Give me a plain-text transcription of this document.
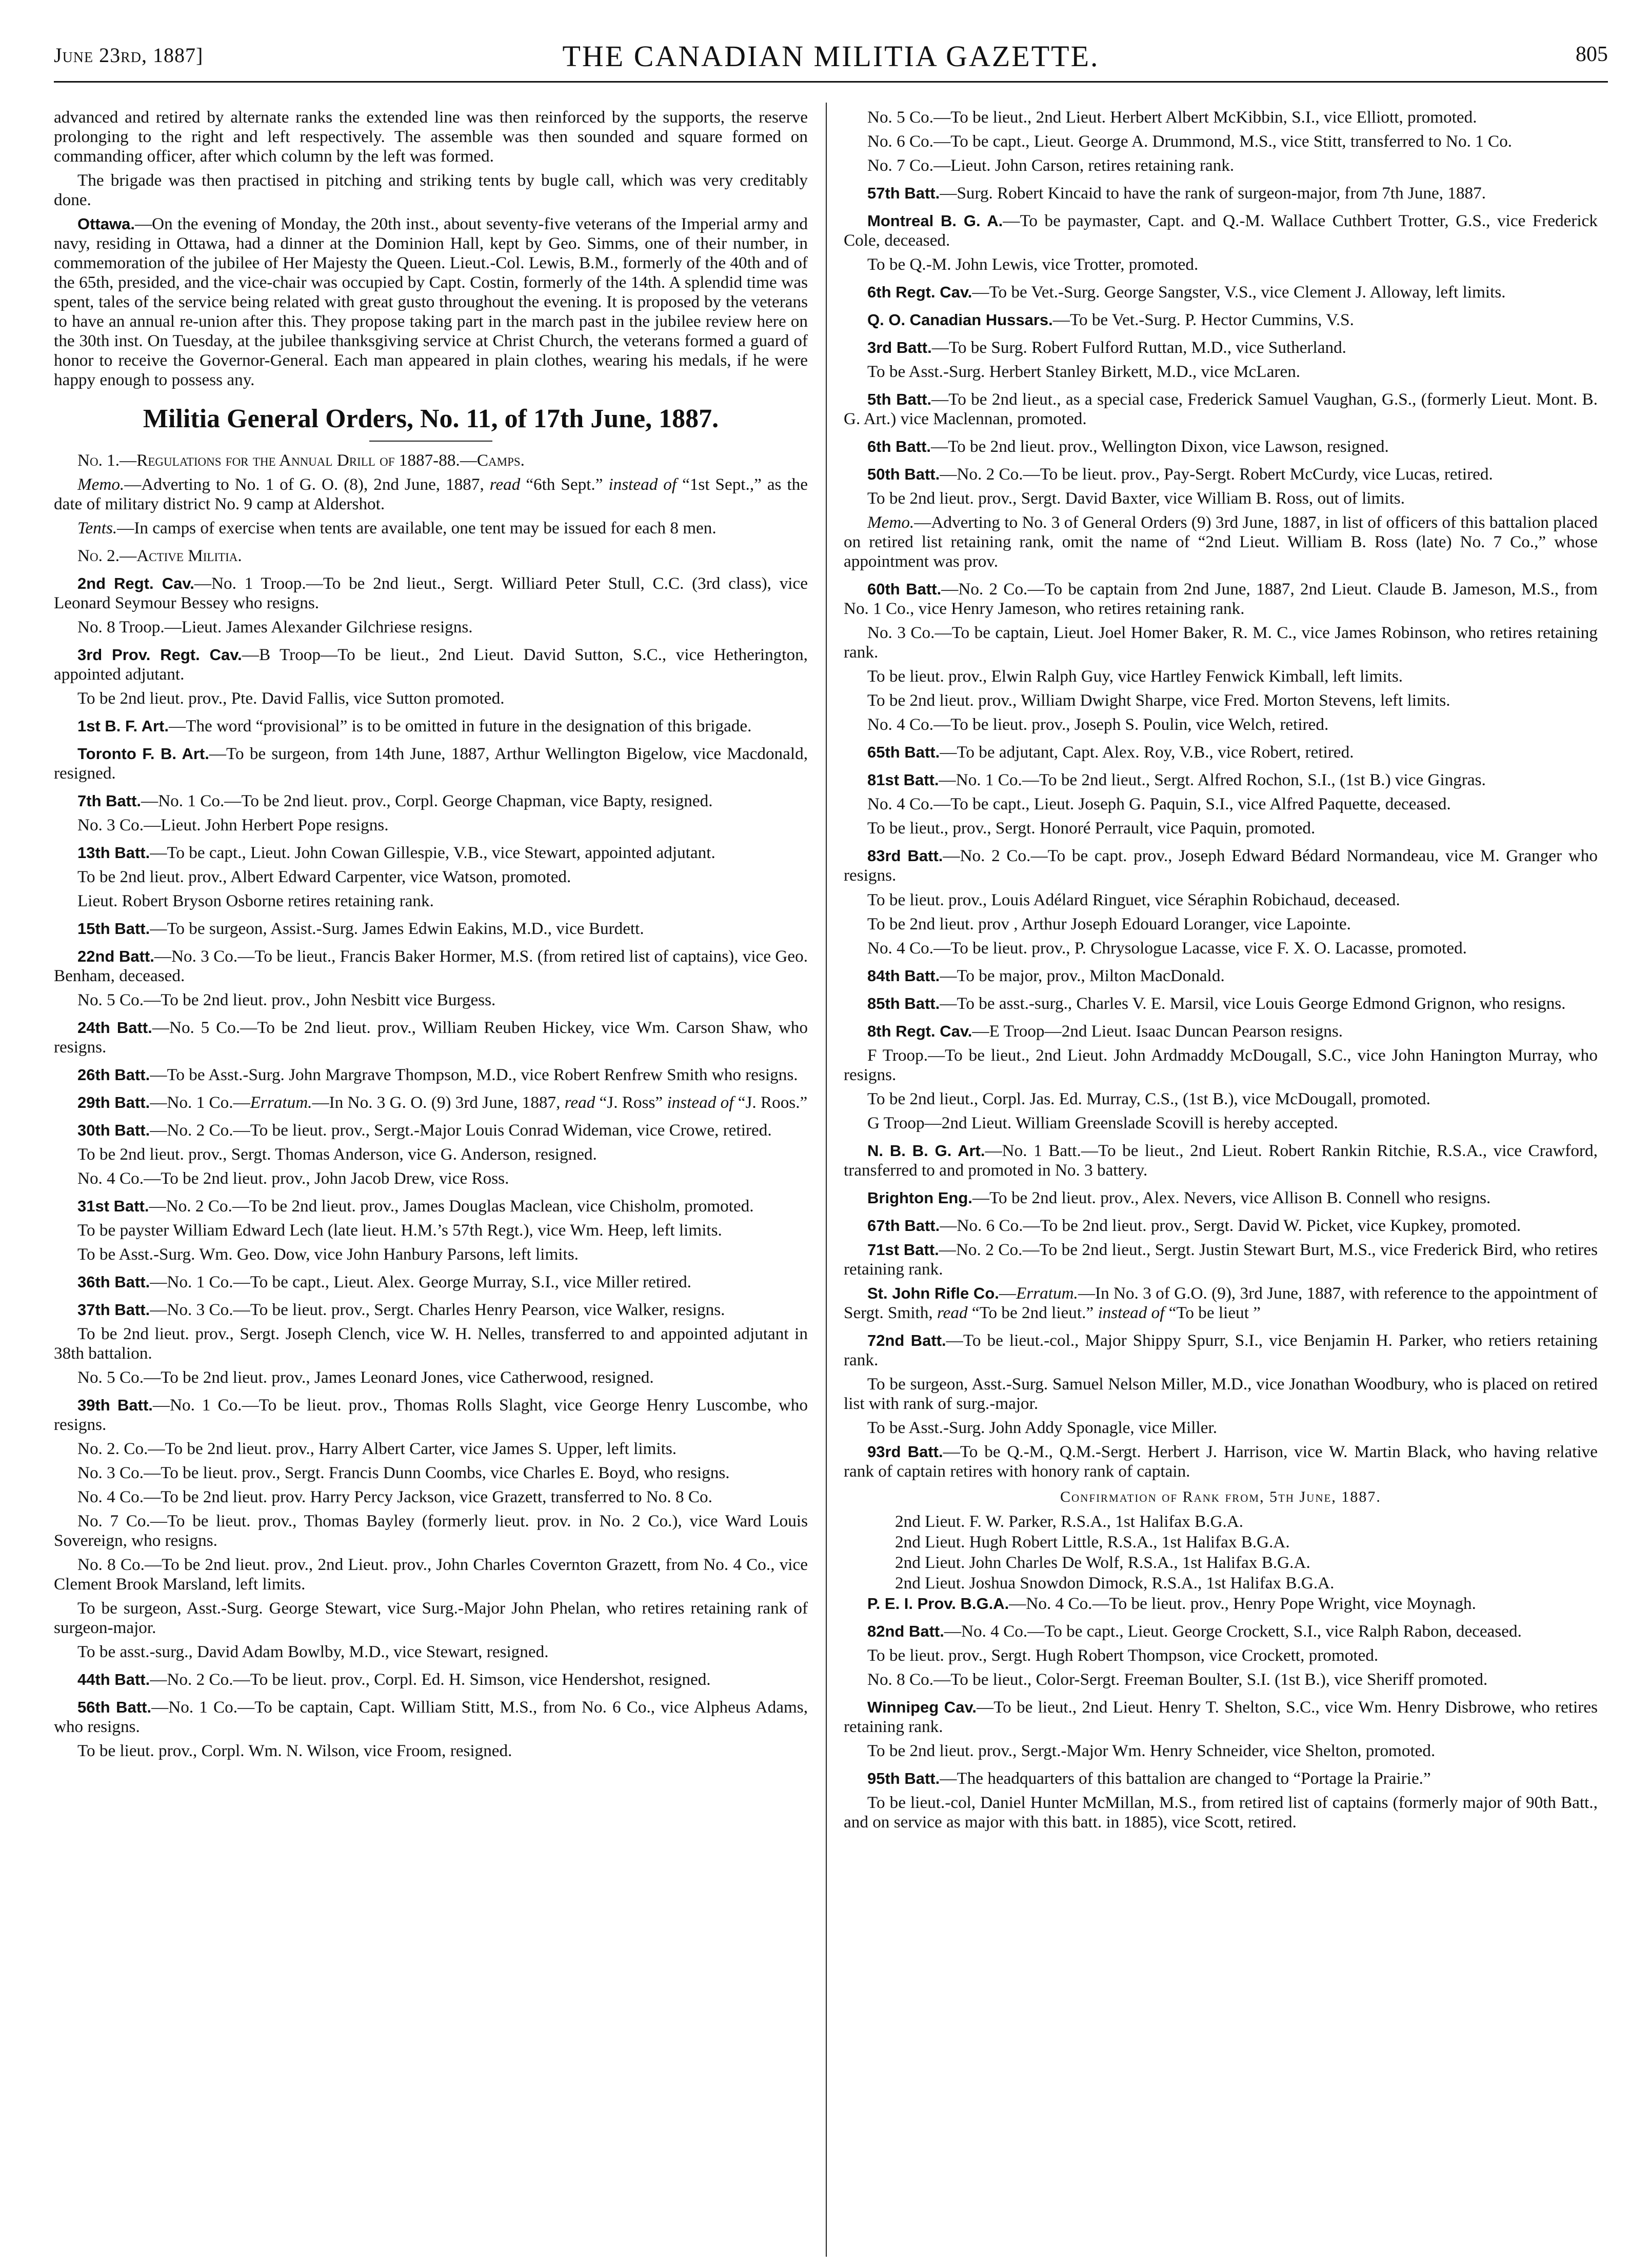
June 23rd, 1887]	THE CANADIAN MILITIA GAZETTE.	805

advanced and retired by alternate ranks the extended line was then reinforced by the supports, the reserve prolonging to the right and left respectively. The assemble was then sounded and square formed on commanding officer, after which column by the left was formed.

The brigade was then practised in pitching and striking tents by bugle call, which was very creditably done.

Ottawa.—On the evening of Monday, the 20th inst., about seventy-five veterans of the Imperial army and navy, residing in Ottawa, had a dinner at the Dominion Hall, kept by Geo. Simms, one of their number, in commemoration of the jubilee of Her Majesty the Queen. Lieut.-Col. Lewis, B.M., formerly of the 40th and of the 65th, presided, and the vice-chair was occupied by Capt. Costin, formerly of the 14th. A splendid time was spent, tales of the service being related with great gusto throughout the evening. It is proposed by the veterans to have an annual re-union after this. They propose taking part in the march past in the jubilee review here on the 30th inst. On Tuesday, at the jubilee thanksgiving service at Christ Church, the veterans formed a guard of honor to receive the Governor-General. Each man appeared in plain clothes, wearing his medals, if he were happy enough to possess any.

Militia General Orders, No. 11, of 17th June, 1887.

No. 1.—Regulations for the Annual Drill of 1887-88.—Camps.

Memo.—Adverting to No. 1 of G. O. (8), 2nd June, 1887, read “6th Sept.” instead of “1st Sept.,” as the date of military district No. 9 camp at Aldershot.

Tents.—In camps of exercise when tents are available, one tent may be issued for each 8 men.

No. 2.—Active Militia.

2nd Regt. Cav.—No. 1 Troop.—To be 2nd lieut., Sergt. Williard Peter Stull, C.C. (3rd class), vice Leonard Seymour Bessey who resigns.

No. 8 Troop.—Lieut. James Alexander Gilchriese resigns.

3rd Prov. Regt. Cav.—B Troop—To be lieut., 2nd Lieut. David Sutton, S.C., vice Hetherington, appointed adjutant.

To be 2nd lieut. prov., Pte. David Fallis, vice Sutton promoted.

1st B. F. Art.—The word “provisional” is to be omitted in future in the designation of this brigade.

Toronto F. B. Art.—To be surgeon, from 14th June, 1887, Arthur Wellington Bigelow, vice Macdonald, resigned.

7th Batt.—No. 1 Co.—To be 2nd lieut. prov., Corpl. George Chapman, vice Bapty, resigned.

No. 3 Co.—Lieut. John Herbert Pope resigns.

13th Batt.—To be capt., Lieut. John Cowan Gillespie, V.B., vice Stewart, appointed adjutant.

To be 2nd lieut. prov., Albert Edward Carpenter, vice Watson, promoted.

Lieut. Robert Bryson Osborne retires retaining rank.

15th Batt.—To be surgeon, Assist.-Surg. James Edwin Eakins, M.D., vice Burdett.

22nd Batt.—No. 3 Co.—To be lieut., Francis Baker Hormer, M.S. (from retired list of captains), vice Geo. Benham, deceased.

No. 5 Co.—To be 2nd lieut. prov., John Nesbitt vice Burgess.

24th Batt.—No. 5 Co.—To be 2nd lieut. prov., William Reuben Hickey, vice Wm. Carson Shaw, who resigns.

26th Batt.—To be Asst.-Surg. John Margrave Thompson, M.D., vice Robert Renfrew Smith who resigns.

29th Batt.—No. 1 Co.—Erratum.—In No. 3 G. O. (9) 3rd June, 1887, read “J. Ross” instead of “J. Roos.”

30th Batt.—No. 2 Co.—To be lieut. prov., Sergt.-Major Louis Conrad Wideman, vice Crowe, retired.

To be 2nd lieut. prov., Sergt. Thomas Anderson, vice G. Anderson, resigned.

No. 4 Co.—To be 2nd lieut. prov., John Jacob Drew, vice Ross.

31st Batt.—No. 2 Co.—To be 2nd lieut. prov., James Douglas Maclean, vice Chisholm, promoted.

To be payster William Edward Lech (late lieut. H.M.’s 57th Regt.), vice Wm. Heep, left limits.

To be Asst.-Surg. Wm. Geo. Dow, vice John Hanbury Parsons, left limits.

36th Batt.—No. 1 Co.—To be capt., Lieut. Alex. George Murray, S.I., vice Miller retired.

37th Batt.—No. 3 Co.—To be lieut. prov., Sergt. Charles Henry Pearson, vice Walker, resigns.

To be 2nd lieut. prov., Sergt. Joseph Clench, vice W. H. Nelles, transferred to and appointed adjutant in 38th battalion.

No. 5 Co.—To be 2nd lieut. prov., James Leonard Jones, vice Catherwood, resigned.

39th Batt.—No. 1 Co.—To be lieut. prov., Thomas Rolls Slaght, vice George Henry Luscombe, who resigns.

No. 2. Co.—To be 2nd lieut. prov., Harry Albert Carter, vice James S. Upper, left limits.

No. 3 Co.—To be lieut. prov., Sergt. Francis Dunn Coombs, vice Charles E. Boyd, who resigns.

No. 4 Co.—To be 2nd lieut. prov. Harry Percy Jackson, vice Grazett, transferred to No. 8 Co.

No. 7 Co.—To be lieut. prov., Thomas Bayley (formerly lieut. prov. in No. 2 Co.), vice Ward Louis Sovereign, who resigns.

No. 8 Co.—To be 2nd lieut. prov., 2nd Lieut. prov., John Charles Covernton Grazett, from No. 4 Co., vice Clement Brook Marsland, left limits.

To be surgeon, Asst.-Surg. George Stewart, vice Surg.-Major John Phelan, who retires retaining rank of surgeon-major.

To be asst.-surg., David Adam Bowlby, M.D., vice Stewart, resigned.

44th Batt.—No. 2 Co.—To be lieut. prov., Corpl. Ed. H. Simson, vice Hendershot, resigned.

56th Batt.—No. 1 Co.—To be captain, Capt. William Stitt, M.S., from No. 6 Co., vice Alpheus Adams, who resigns.

To be lieut. prov., Corpl. Wm. N. Wilson, vice Froom, resigned.

No. 5 Co.—To be lieut., 2nd Lieut. Herbert Albert McKibbin, S.I., vice Elliott, promoted.

No. 6 Co.—To be capt., Lieut. George A. Drummond, M.S., vice Stitt, transferred to No. 1 Co.

No. 7 Co.—Lieut. John Carson, retires retaining rank.

57th Batt.—Surg. Robert Kincaid to have the rank of surgeon-major, from 7th June, 1887.

Montreal B. G. A.—To be paymaster, Capt. and Q.-M. Wallace Cuthbert Trotter, G.S., vice Frederick Cole, deceased.

To be Q.-M. John Lewis, vice Trotter, promoted.

6th Regt. Cav.—To be Vet.-Surg. George Sangster, V.S., vice Clement J. Alloway, left limits.

Q. O. Canadian Hussars.—To be Vet.-Surg. P. Hector Cummins, V.S.

3rd Batt.—To be Surg. Robert Fulford Ruttan, M.D., vice Sutherland.

To be Asst.-Surg. Herbert Stanley Birkett, M.D., vice McLaren.

5th Batt.—To be 2nd lieut., as a special case, Frederick Samuel Vaughan, G.S., (formerly Lieut. Mont. B. G. Art.) vice Maclennan, promoted.

6th Batt.—To be 2nd lieut. prov., Wellington Dixon, vice Lawson, resigned.

50th Batt.—No. 2 Co.—To be lieut. prov., Pay-Sergt. Robert McCurdy, vice Lucas, retired.

To be 2nd lieut. prov., Sergt. David Baxter, vice William B. Ross, out of limits.

Memo.—Adverting to No. 3 of General Orders (9) 3rd June, 1887, in list of officers of this battalion placed on retired list retaining rank, omit the name of “2nd Lieut. William B. Ross (late) No. 7 Co.,” whose appointment was prov.

60th Batt.—No. 2 Co.—To be captain from 2nd June, 1887, 2nd Lieut. Claude B. Jameson, M.S., from No. 1 Co., vice Henry Jameson, who retires retaining rank.

No. 3 Co.—To be captain, Lieut. Joel Homer Baker, R. M. C., vice James Robinson, who retires retaining rank.

To be lieut. prov., Elwin Ralph Guy, vice Hartley Fenwick Kimball, left limits.

To be 2nd lieut. prov., William Dwight Sharpe, vice Fred. Morton Stevens, left limits.

No. 4 Co.—To be lieut. prov., Joseph S. Poulin, vice Welch, retired.

65th Batt.—To be adjutant, Capt. Alex. Roy, V.B., vice Robert, retired.

81st Batt.—No. 1 Co.—To be 2nd lieut., Sergt. Alfred Rochon, S.I., (1st B.) vice Gingras.

No. 4 Co.—To be capt., Lieut. Joseph G. Paquin, S.I., vice Alfred Paquette, deceased.

To be lieut., prov., Sergt. Honoré Perrault, vice Paquin, promoted.

83rd Batt.—No. 2 Co.—To be capt. prov., Joseph Edward Bédard Normandeau, vice M. Granger who resigns.

To be lieut. prov., Louis Adélard Ringuet, vice Séraphin Robichaud, deceased.

To be 2nd lieut. prov , Arthur Joseph Edouard Loranger, vice Lapointe.

No. 4 Co.—To be lieut. prov., P. Chrysologue Lacasse, vice F. X. O. Lacasse, promoted.

84th Batt.—To be major, prov., Milton MacDonald.

85th Batt.—To be asst.-surg., Charles V. E. Marsil, vice Louis George Edmond Grignon, who resigns.

8th Regt. Cav.—E Troop—2nd Lieut. Isaac Duncan Pearson resigns.

F Troop.—To be lieut., 2nd Lieut. John Ardmaddy McDougall, S.C., vice John Hanington Murray, who resigns.

To be 2nd lieut., Corpl. Jas. Ed. Murray, C.S., (1st B.), vice McDougall, promoted.

G Troop—2nd Lieut. William Greenslade Scovill is hereby accepted.

N. B. B. G. Art.—No. 1 Batt.—To be lieut., 2nd Lieut. Robert Rankin Ritchie, R.S.A., vice Crawford, transferred to and promoted in No. 3 battery.

Brighton Eng.—To be 2nd lieut. prov., Alex. Nevers, vice Allison B. Connell who resigns.

67th Batt.—No. 6 Co.—To be 2nd lieut. prov., Sergt. David W. Picket, vice Kupkey, promoted.

71st Batt.—No. 2 Co.—To be 2nd lieut., Sergt. Justin Stewart Burt, M.S., vice Frederick Bird, who retires retaining rank.

St. John Rifle Co.—Erratum.—In No. 3 of G.O. (9), 3rd June, 1887, with reference to the appointment of Sergt. Smith, read “To be 2nd lieut.” instead of “To be lieut ”

72nd Batt.—To be lieut.-col., Major Shippy Spurr, S.I., vice Benjamin H. Parker, who retiers retaining rank.

To be surgeon, Asst.-Surg. Samuel Nelson Miller, M.D., vice Jonathan Woodbury, who is placed on retired list with rank of surg.-major.

To be Asst.-Surg. John Addy Sponagle, vice Miller.

93rd Batt.—To be Q.-M., Q.M.-Sergt. Herbert J. Harrison, vice W. Martin Black, who having relative rank of captain retires with honory rank of captain.

Confirmation of Rank from, 5th June, 1887.

2nd Lieut. F. W. Parker, R.S.A., 1st Halifax B.G.A.

2nd Lieut. Hugh Robert Little, R.S.A., 1st Halifax B.G.A.

2nd Lieut. John Charles De Wolf, R.S.A., 1st Halifax B.G.A.

2nd Lieut. Joshua Snowdon Dimock, R.S.A., 1st Halifax B.G.A.

P. E. I. Prov. B.G.A.—No. 4 Co.—To be lieut. prov., Henry Pope Wright, vice Moynagh.

82nd Batt.—No. 4 Co.—To be capt., Lieut. George Crockett, S.I., vice Ralph Rabon, deceased.

To be lieut. prov., Sergt. Hugh Robert Thompson, vice Crockett, promoted.

No. 8 Co.—To be lieut., Color-Sergt. Freeman Boulter, S.I. (1st B.), vice Sheriff promoted.

Winnipeg Cav.—To be lieut., 2nd Lieut. Henry T. Shelton, S.C., vice Wm. Henry Disbrowe, who retires retaining rank.

To be 2nd lieut. prov., Sergt.-Major Wm. Henry Schneider, vice Shelton, promoted.

95th Batt.—The headquarters of this battalion are changed to “Portage la Prairie.”

To be lieut.-col, Daniel Hunter McMillan, M.S., from retired list of captains (formerly major of 90th Batt., and on service as major with this batt. in 1885), vice Scott, retired.
